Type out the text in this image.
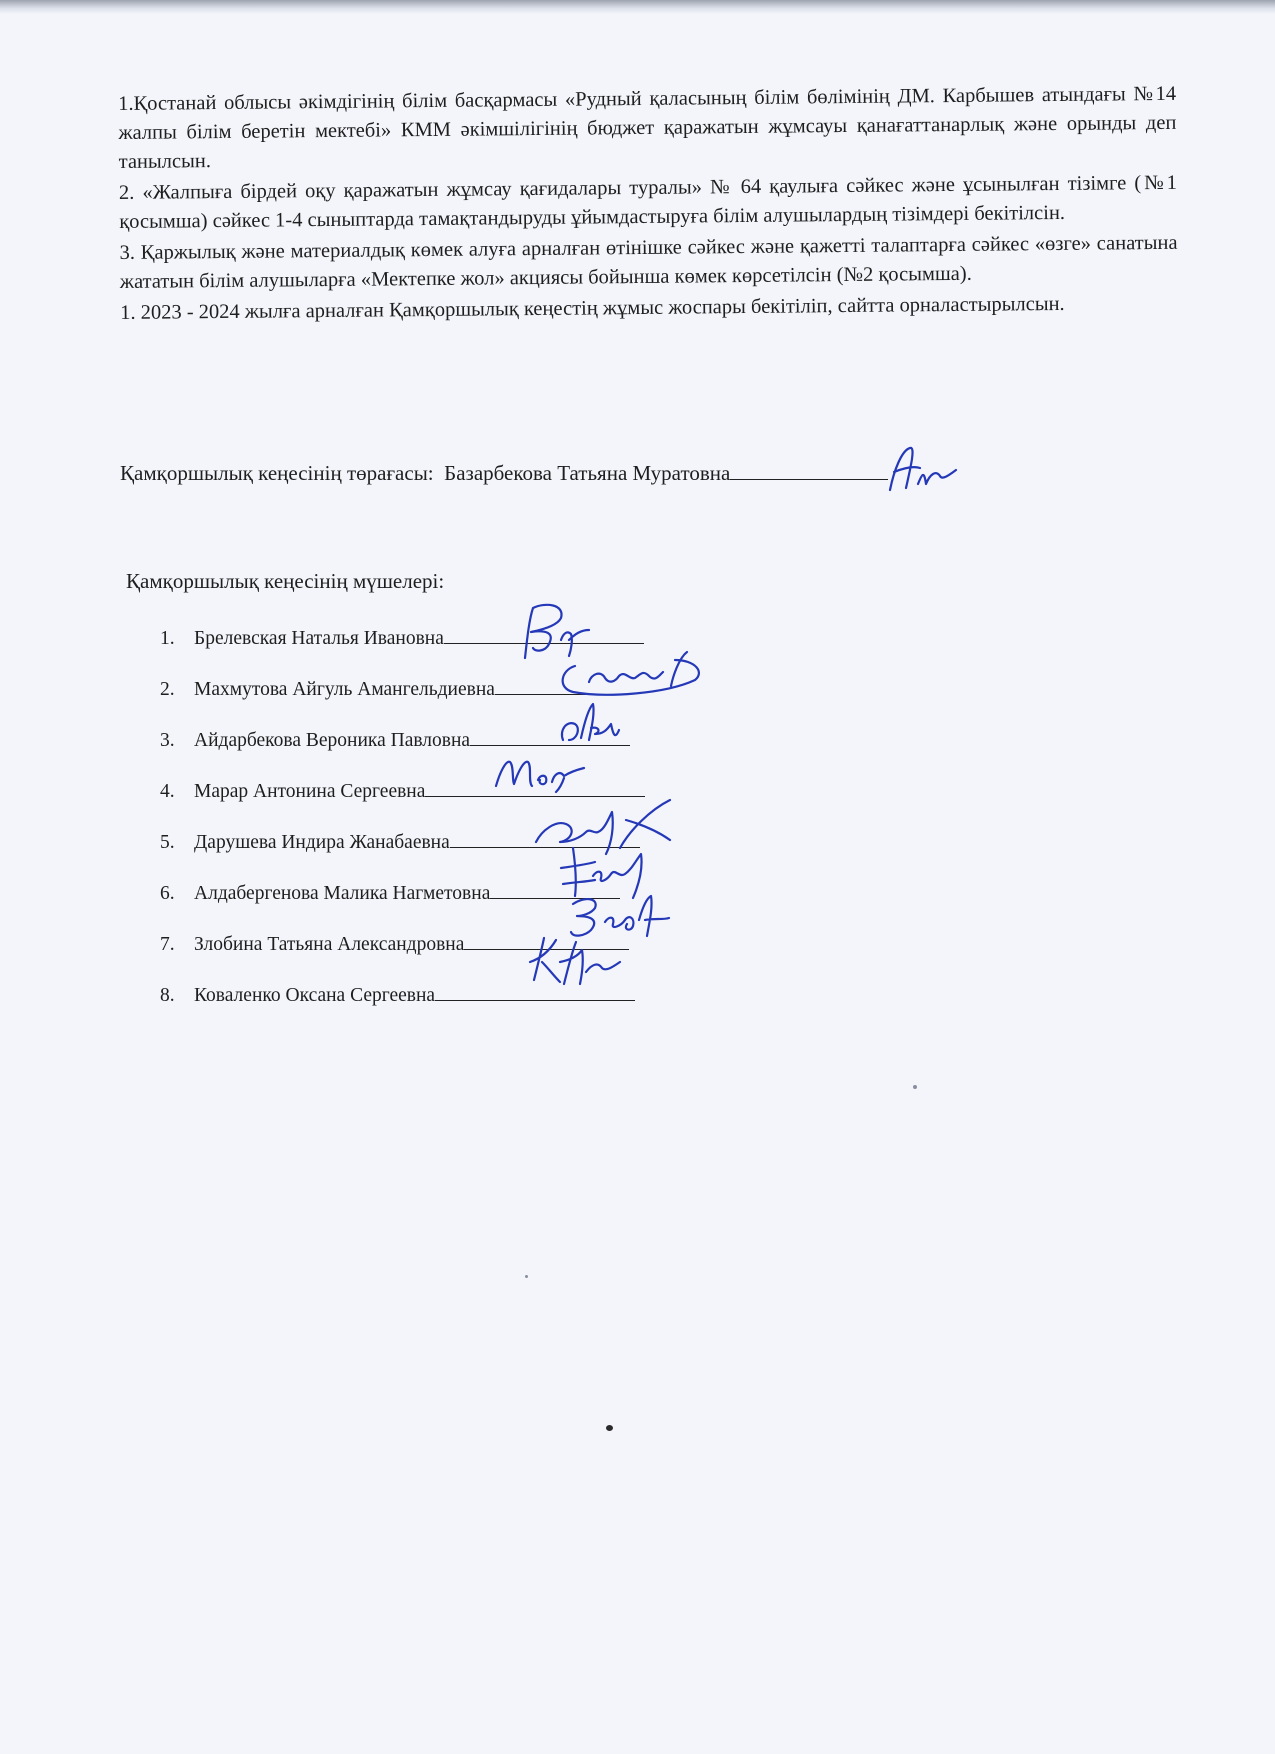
1.Қостанай облысы әкімдігінің білім басқармасы «Рудный қаласының білім бөлімінің ДМ. Карбышев атындағы №14 жалпы білім беретін мектебі» КММ әкімшілігінің бюджет қаражатын жұмсауы қанағаттанарлық және орынды деп танылсын.

2. «Жалпыға бірдей оқу қаражатын жұмсау қағидалары туралы» № 64 қаулыға сәйкес және ұсынылған тізімге (№1 қосымша) сәйкес 1-4 сыныптарда тамақтандыруды ұйымдастыруға білім алушылардың тізімдері бекітілсін.

3. Қаржылық және материалдық көмек алуға арналған өтінішке сәйкес және қажетті талаптарға сәйкес «өзге» санатына жататын білім алушыларға «Мектепке жол» акциясы бойынша көмек көрсетілсін (№2 қосымша).

1. 2023 - 2024 жылға арналған Қамқоршылық кеңестің жұмыс жоспары бекітіліп, сайтта орналастырылсын.

Қамқоршылық кеңесінің төрағасы: Базарбекова Татьяна Муратовна
Қамқоршылық кеңесінің мүшелері:
1. Брелевская Наталья Ивановна
2. Махмутова Айгуль Амангельдиевна
3. Айдарбекова Вероника Павловна
4. Марар Антонина Сергеевна
5. Дарушева Индира Жанабаевна
6. Алдабергенова Малика Нагметовна
7. Злобина Татьяна Александровна
8. Коваленко Оксана Сергеевна
